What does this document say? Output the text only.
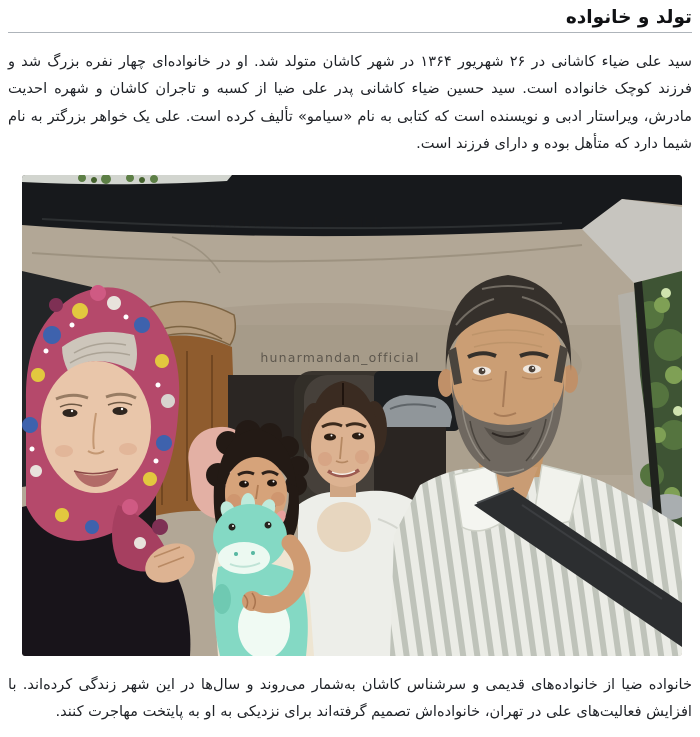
تولد و خانواده

سید علی ضیاء کاشانی در ۲۶ شهریور ۱۳۶۴ در شهر کاشان متولد شد. او در خانواده‌ای چهار نفره بزرگ شد و فرزند کوچک خانواده است. سید حسین ضیاء کاشانی پدر علی ضیا از کسبه و تاجران کاشان و شهره احدیت مادرش، ویراستار ادبی و نویسنده است که کتابی به نام «سیامو» تألیف کرده است. علی یک خواهر بزرگتر به نام شیما دارد که متأهل بوده و دارای فرزند است.

hunarmandan_official
hunarmandan_official

خانواده ضیا از خانواده‌های قدیمی و سرشناس کاشان به‌شمار می‌روند و سال‌ها در این شهر زندگی کرده‌اند. با افزایش فعالیت‌های علی در تهران، خانواده‌اش تصمیم گرفته‌اند برای نزدیکی به او به پایتخت مهاجرت کنند.
